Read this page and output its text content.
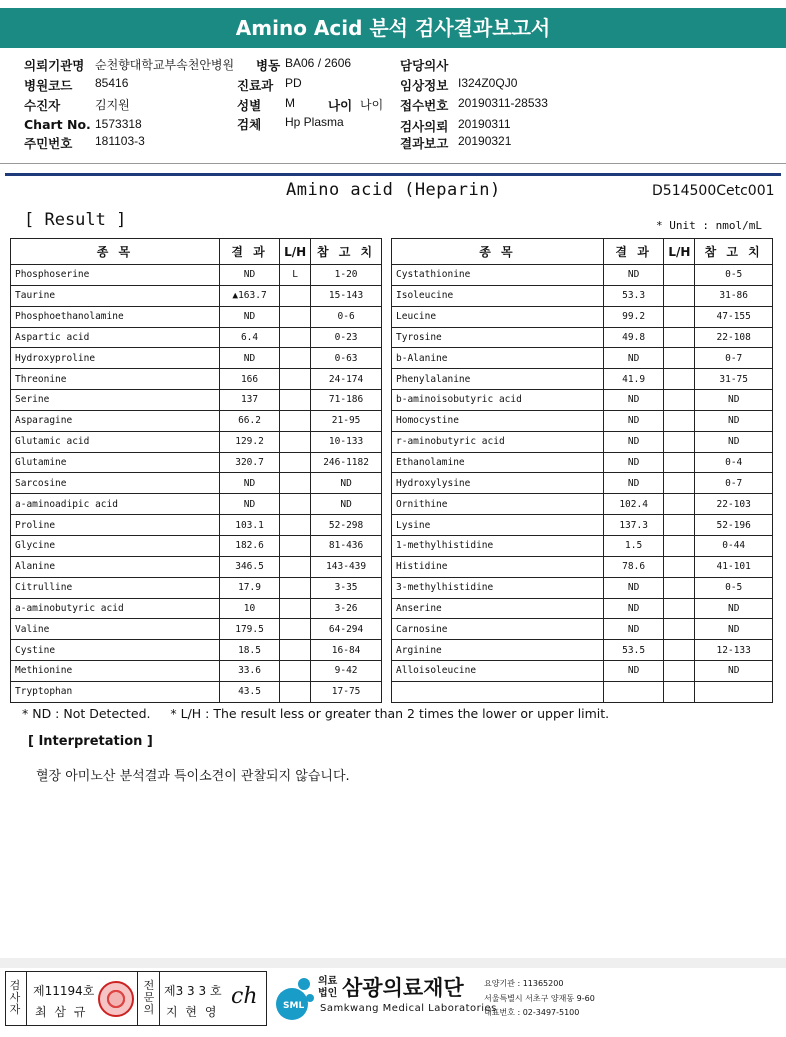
Amino Acid 분석 검사결과보고서
의뢰기관명 순천향대학교부속천안병원 병동 BA06 / 2606	담당의사
병원코드 85416	진료과 PD	임상정보 I324Z0QJ0
수진자	김지원	성별 M	나이 나이 접수번호 20190311-28533
Chart No. 1573318	검체 Hp Plasma	검사의뢰 20190311
주민번호 181103-3	결과보고 20190321
Amino acid (Heparin)	D514500Cetc001
[ Result ]	* Unit : nmol/mL
종 목	결 과	L/H	참 고 치
Phosphoserine	ND	L	1-20
Taurine	▲163.7		15-143
Phosphoethanolamine	ND		0-6
Aspartic acid	6.4		0-23
Hydroxyproline	ND		0-63
Threonine	166		24-174
Serine	137		71-186
Asparagine	66.2		21-95
Glutamic acid	129.2		10-133
Glutamine	320.7		246-1182
Sarcosine	ND		ND
a-aminoadipic acid	ND		ND
Proline	103.1		52-298
Glycine	182.6		81-436
Alanine	346.5		143-439
Citrulline	17.9		3-35
a-aminobutyric acid	10		3-26
Valine	179.5		64-294
Cystine	18.5		16-84
Methionine	33.6		9-42
Tryptophan	43.5		17-75
종 목	결 과	L/H	참 고 치
Cystathionine	ND		0-5
Isoleucine	53.3		31-86
Leucine	99.2		47-155
Tyrosine	49.8		22-108
b-Alanine	ND		0-7
Phenylalanine	41.9		31-75
b-aminoisobutyric acid	ND		ND
Homocystine	ND		ND
r-aminobutyric acid	ND		ND
Ethanolamine	ND		0-4
Hydroxylysine	ND		0-7
Ornithine	102.4		22-103
Lysine	137.3		52-196
1-methylhistidine	1.5		0-44
Histidine	78.6		41-101
3-methylhistidine	ND		0-5
Anserine	ND		ND
Carnosine	ND		ND
Arginine	53.5		12-133
Alloisoleucine	ND		ND

* ND : Not Detected.     * L/H : The result less or greater than 2 times the lower or upper limit.
[ Interpretation ]
혈장 아미노산 분석결과 특이소견이 관찰되지 않습니다.
검사자
제11194호
최 삼 규
전문의
제3 3 3 호
지 현 영
ch	SML
의료
법인 삼광의료재단
Samkwang Medical Laboratories
요양기관 : 11365200
서울특별시 서초구 양재동 9-60
대표번호 : 02-3497-5100
